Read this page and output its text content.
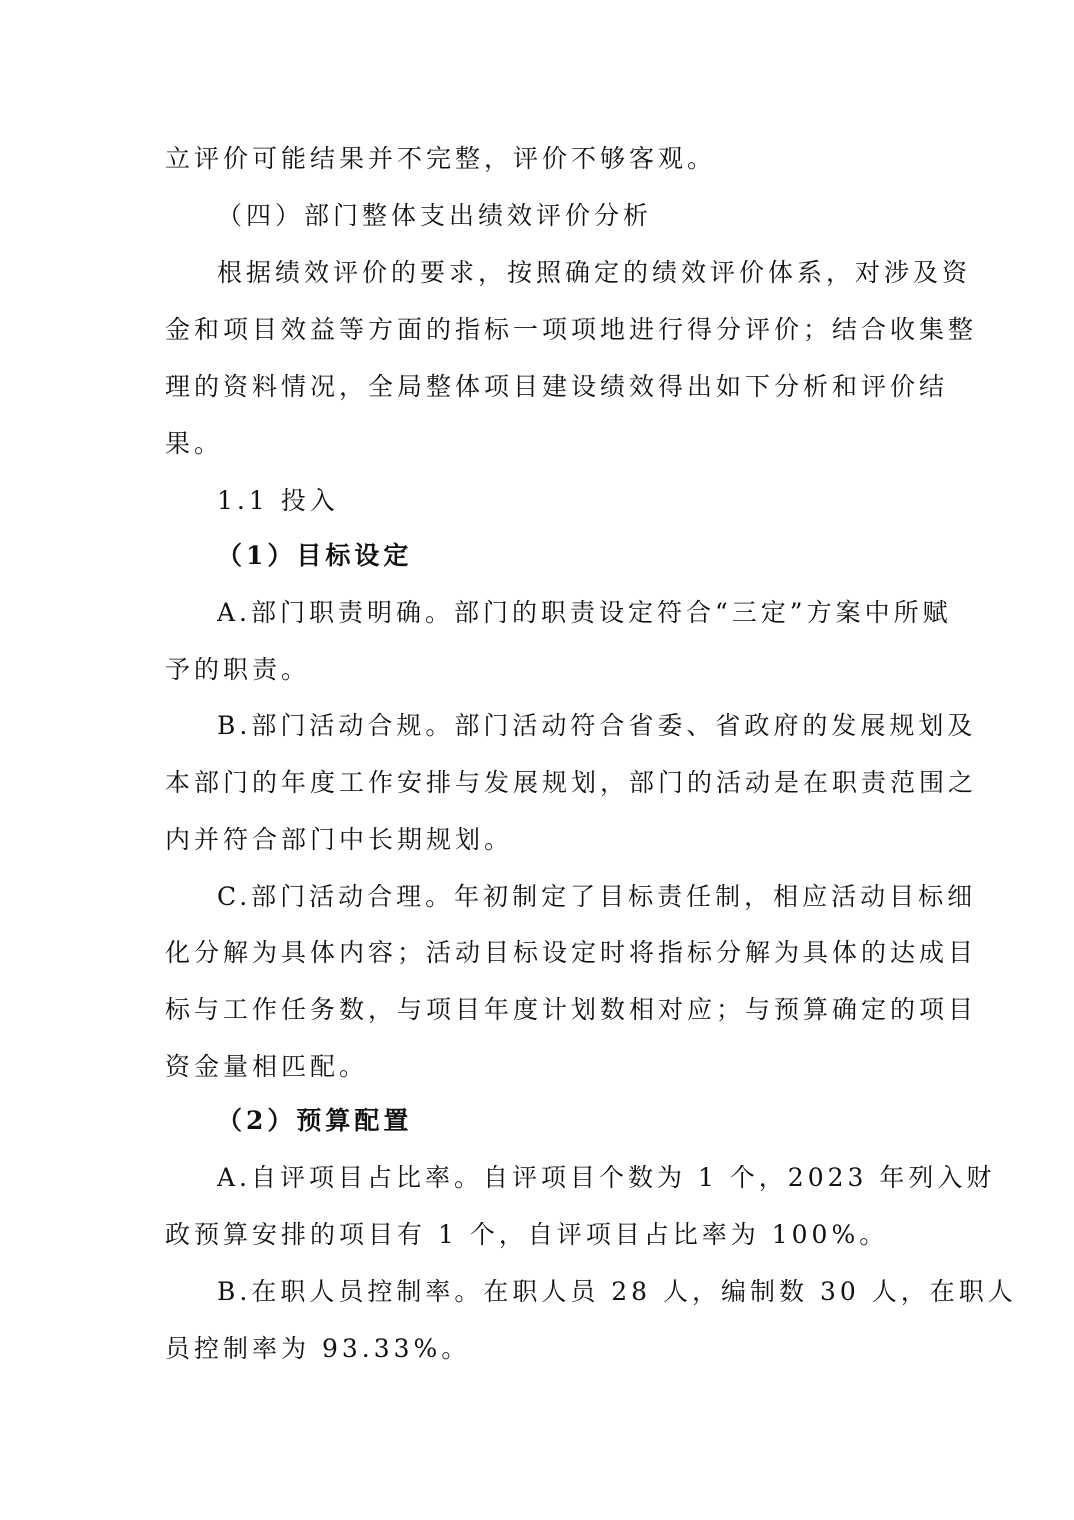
立评价可能结果并不完整，评价不够客观。
（四）部门整体支出绩效评价分析
根据绩效评价的要求，按照确定的绩效评价体系，对涉及资
金和项目效益等方面的指标一项项地进行得分评价；结合收集整
理的资料情况，全局整体项目建设绩效得出如下分析和评价结
果。
1.1 投入
（1）目标设定
A.部门职责明确。部门的职责设定符合“三定”方案中所赋
予的职责。
B.部门活动合规。部门活动符合省委、省政府的发展规划及
本部门的年度工作安排与发展规划，部门的活动是在职责范围之
内并符合部门中长期规划。
C.部门活动合理。年初制定了目标责任制，相应活动目标细
化分解为具体内容；活动目标设定时将指标分解为具体的达成目
标与工作任务数，与项目年度计划数相对应；与预算确定的项目
资金量相匹配。
（2）预算配置
A.自评项目占比率。自评项目个数为 1 个，2023 年列入财
政预算安排的项目有 1 个，自评项目占比率为 100%。
B.在职人员控制率。在职人员 28 人，编制数 30 人，在职人
员控制率为 93.33%。
